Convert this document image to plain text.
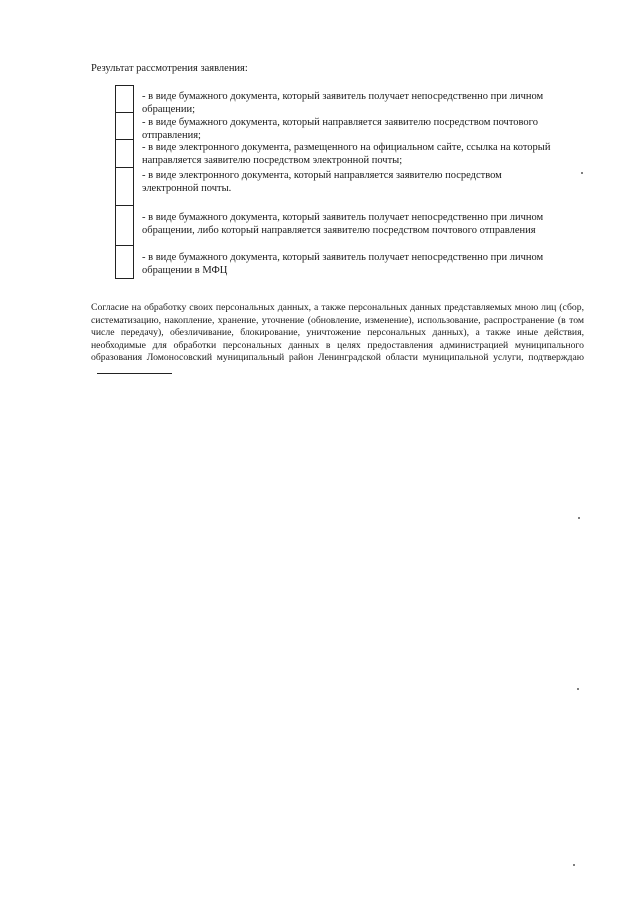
Результат рассмотрения заявления:
- в виде бумажного документа, который заявитель получает непосредственно при личном обращении;
- в виде бумажного документа, который направляется заявителю посредством почтового отправления;
- в виде электронного документа, размещенного на официальном сайте, ссылка на который направляется заявителю посредством электронной почты;
- в виде электронного документа, который направляется заявителю посредством электронной почты.
- в виде бумажного документа, который заявитель получает непосредственно при личном обращении, либо который направляется заявителю посредством почтового отправления
- в виде бумажного документа, который заявитель получает непосредственно при личном обращении в МФЦ

Согласие на обработку своих персональных данных, а также персональных данных представляемых мною лиц (сбор, систематизацию, накопление, хранение, уточнение (обновление, изменение), использование, распространение (в том числе передачу), обезличивание, блокирование, уничтожение персональных данных), а также иные действия, необходимые для обработки персональных данных в целях предоставления администрацией муниципального образования Ломоносовский муниципальный район Ленинградской области муниципальной услуги, подтверждаю
